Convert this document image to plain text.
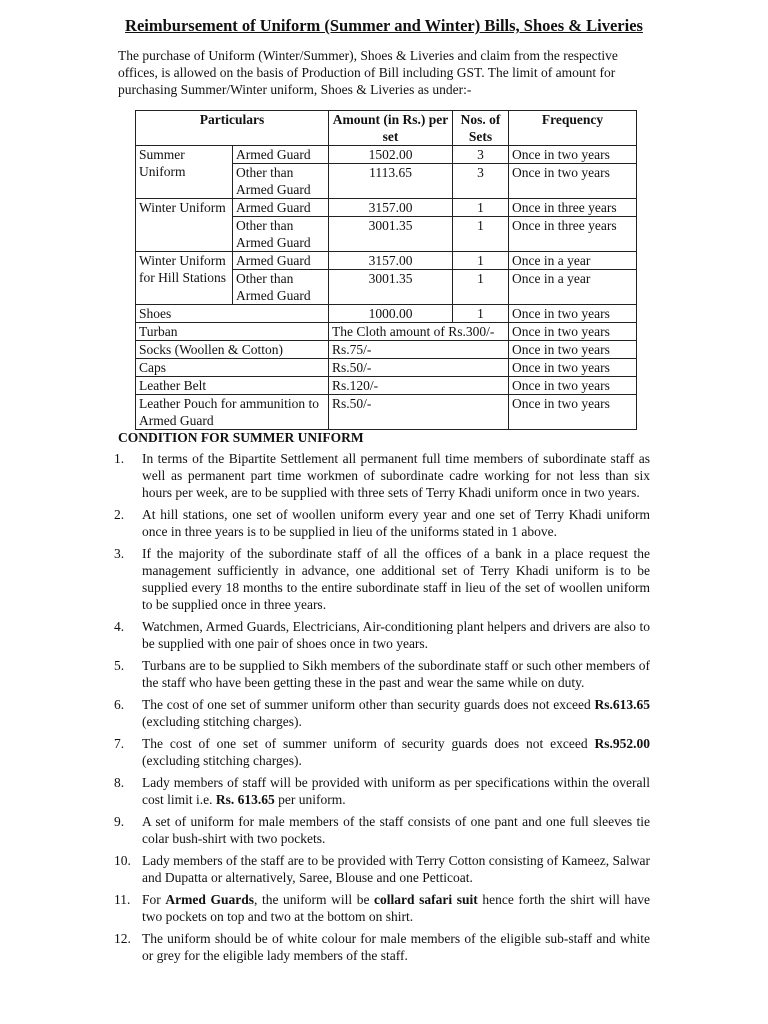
Reimbursement of Uniform (Summer and Winter) Bills, Shoes & Liveries
The purchase of Uniform (Winter/Summer), Shoes & Liveries and claim from the respective offices, is allowed on the basis of Production of Bill including GST. The limit of amount for purchasing Summer/Winter uniform, Shoes & Liveries as under:-
Particulars		Amount (in Rs.) per set	Nos. of Sets	Frequency
Summer Uniform	Armed Guard	1502.00	3	Once in two years
	Other than Armed Guard	1113.65	3	Once in two years
Winter Uniform	Armed Guard	3157.00	1	Once in three years
	Other than Armed Guard	3001.35	1	Once in three years
Winter Uniform for Hill Stations	Armed Guard	3157.00	1	Once in a year
	Other than Armed Guard	3001.35	1	Once in a year
Shoes		1000.00	1	Once in two years
Turban		The Cloth amount of Rs.300/-		Once in two years
Socks (Woollen & Cotton)		Rs.75/-		Once in two years
Caps		Rs.50/-		Once in two years
Leather Belt		Rs.120/-		Once in two years
Leather Pouch for ammunition to Armed Guard		Rs.50/-		Once in two years
CONDITION FOR SUMMER UNIFORM
1. In terms of the Bipartite Settlement all permanent full time members of subordinate staff as well as permanent part time workmen of subordinate cadre working for not less than six hours per week, are to be supplied with three sets of Terry Khadi uniform once in two years.
2. At hill stations, one set of woollen uniform every year and one set of Terry Khadi uniform once in three years is to be supplied in lieu of the uniforms stated in 1 above.
3. If the majority of the subordinate staff of all the offices of a bank in a place request the management sufficiently in advance, one additional set of Terry Khadi uniform is to be supplied every 18 months to the entire subordinate staff in lieu of the set of woollen uniform to be supplied once in three years.
4. Watchmen, Armed Guards, Electricians, Air-conditioning plant helpers and drivers are also to be supplied with one pair of shoes once in two years.
5. Turbans are to be supplied to Sikh members of the subordinate staff or such other members of the staff who have been getting these in the past and wear the same while on duty.
6. The cost of one set of summer uniform other than security guards does not exceed Rs.613.65 (excluding stitching charges).
7. The cost of one set of summer uniform of security guards does not exceed Rs.952.00 (excluding stitching charges).
8. Lady members of staff will be provided with uniform as per specifications within the overall cost limit i.e. Rs. 613.65 per uniform.
9. A set of uniform for male members of the staff consists of one pant and one full sleeves tie colar bush-shirt with two pockets.
10. Lady members of the staff are to be provided with Terry Cotton consisting of Kameez, Salwar and Dupatta or alternatively, Saree, Blouse and one Petticoat.
11. For Armed Guards, the uniform will be collard safari suit hence forth the shirt will have two pockets on top and two at the bottom on shirt.
12. The uniform should be of white colour for male members of the eligible sub-staff and white or grey for the eligible lady members of the staff.
